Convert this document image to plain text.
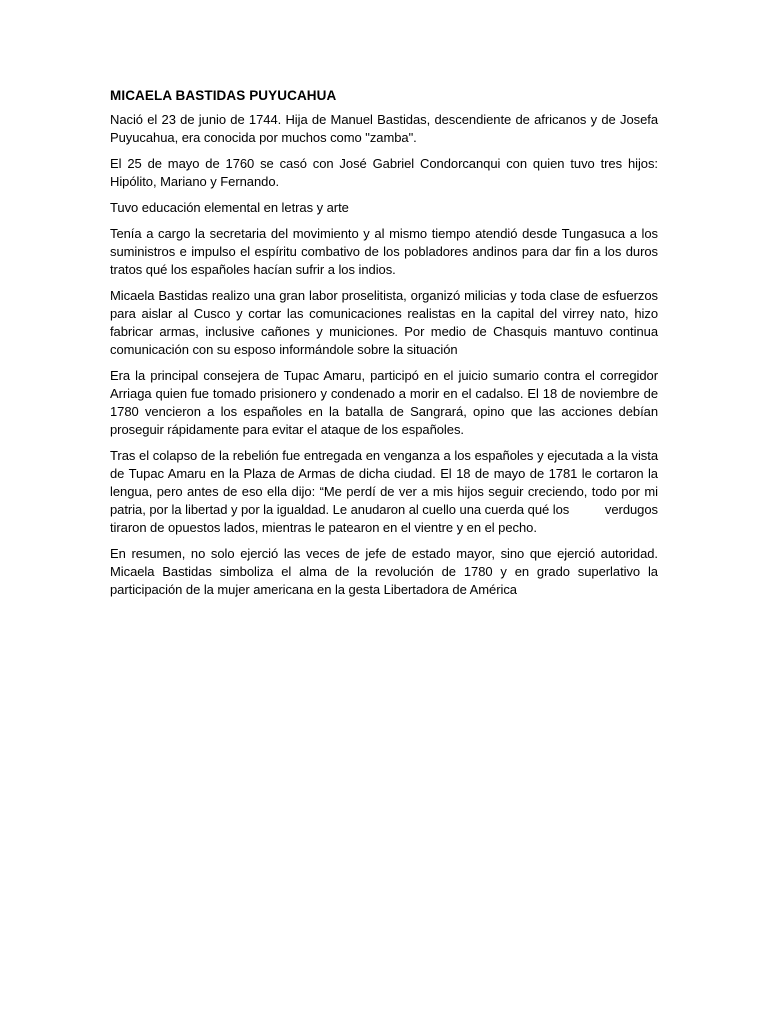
MICAELA BASTIDAS PUYUCAHUA

Nació el 23 de junio de 1744. Hija de Manuel Bastidas, descendiente de africanos y de Josefa Puyucahua, era conocida por muchos como "zamba".

El 25 de mayo de 1760 se casó con José Gabriel Condorcanqui con quien tuvo tres hijos: Hipólito, Mariano y Fernando.

Tuvo educación elemental en letras y arte

Tenía a cargo la secretaria del movimiento y al mismo tiempo atendió desde Tungasuca a los suministros e impulso el espíritu combativo de los pobladores andinos para dar fin a los duros tratos qué los españoles hacían sufrir a los indios.

Micaela Bastidas realizo una gran labor proselitista, organizó milicias y toda clase de esfuerzos para aislar al Cusco y cortar las comunicaciones realistas en la capital del virrey nato, hizo fabricar armas, inclusive cañones y municiones. Por medio de Chasquis mantuvo continua comunicación con su esposo informándole sobre la situación

Era la principal consejera de Tupac Amaru, participó en el juicio sumario contra el corregidor Arriaga quien fue tomado prisionero y condenado a morir en el cadalso. El 18 de noviembre de 1780 vencieron a los españoles en la batalla de Sangrará, opino que las acciones debían proseguir rápidamente para evitar el ataque de los españoles.

Tras el colapso de la rebelión fue entregada en venganza a los españoles y ejecutada a la vista de Tupac Amaru en la Plaza de Armas de dicha ciudad. El 18 de mayo de 1781 le cortaron la lengua, pero antes de eso ella dijo: “Me perdí de ver a mis hijos seguir creciendo, todo por mi patria, por la libertad y por la igualdad. Le anudaron al cuello una cuerda qué los          verdugos tiraron de opuestos lados, mientras le patearon en el vientre y en el pecho.

En resumen, no solo ejerció las veces de jefe de estado mayor, sino que ejerció autoridad. Micaela Bastidas simboliza el alma de la revolución de 1780 y en grado superlativo la participación de la mujer americana en la gesta Libertadora de América
